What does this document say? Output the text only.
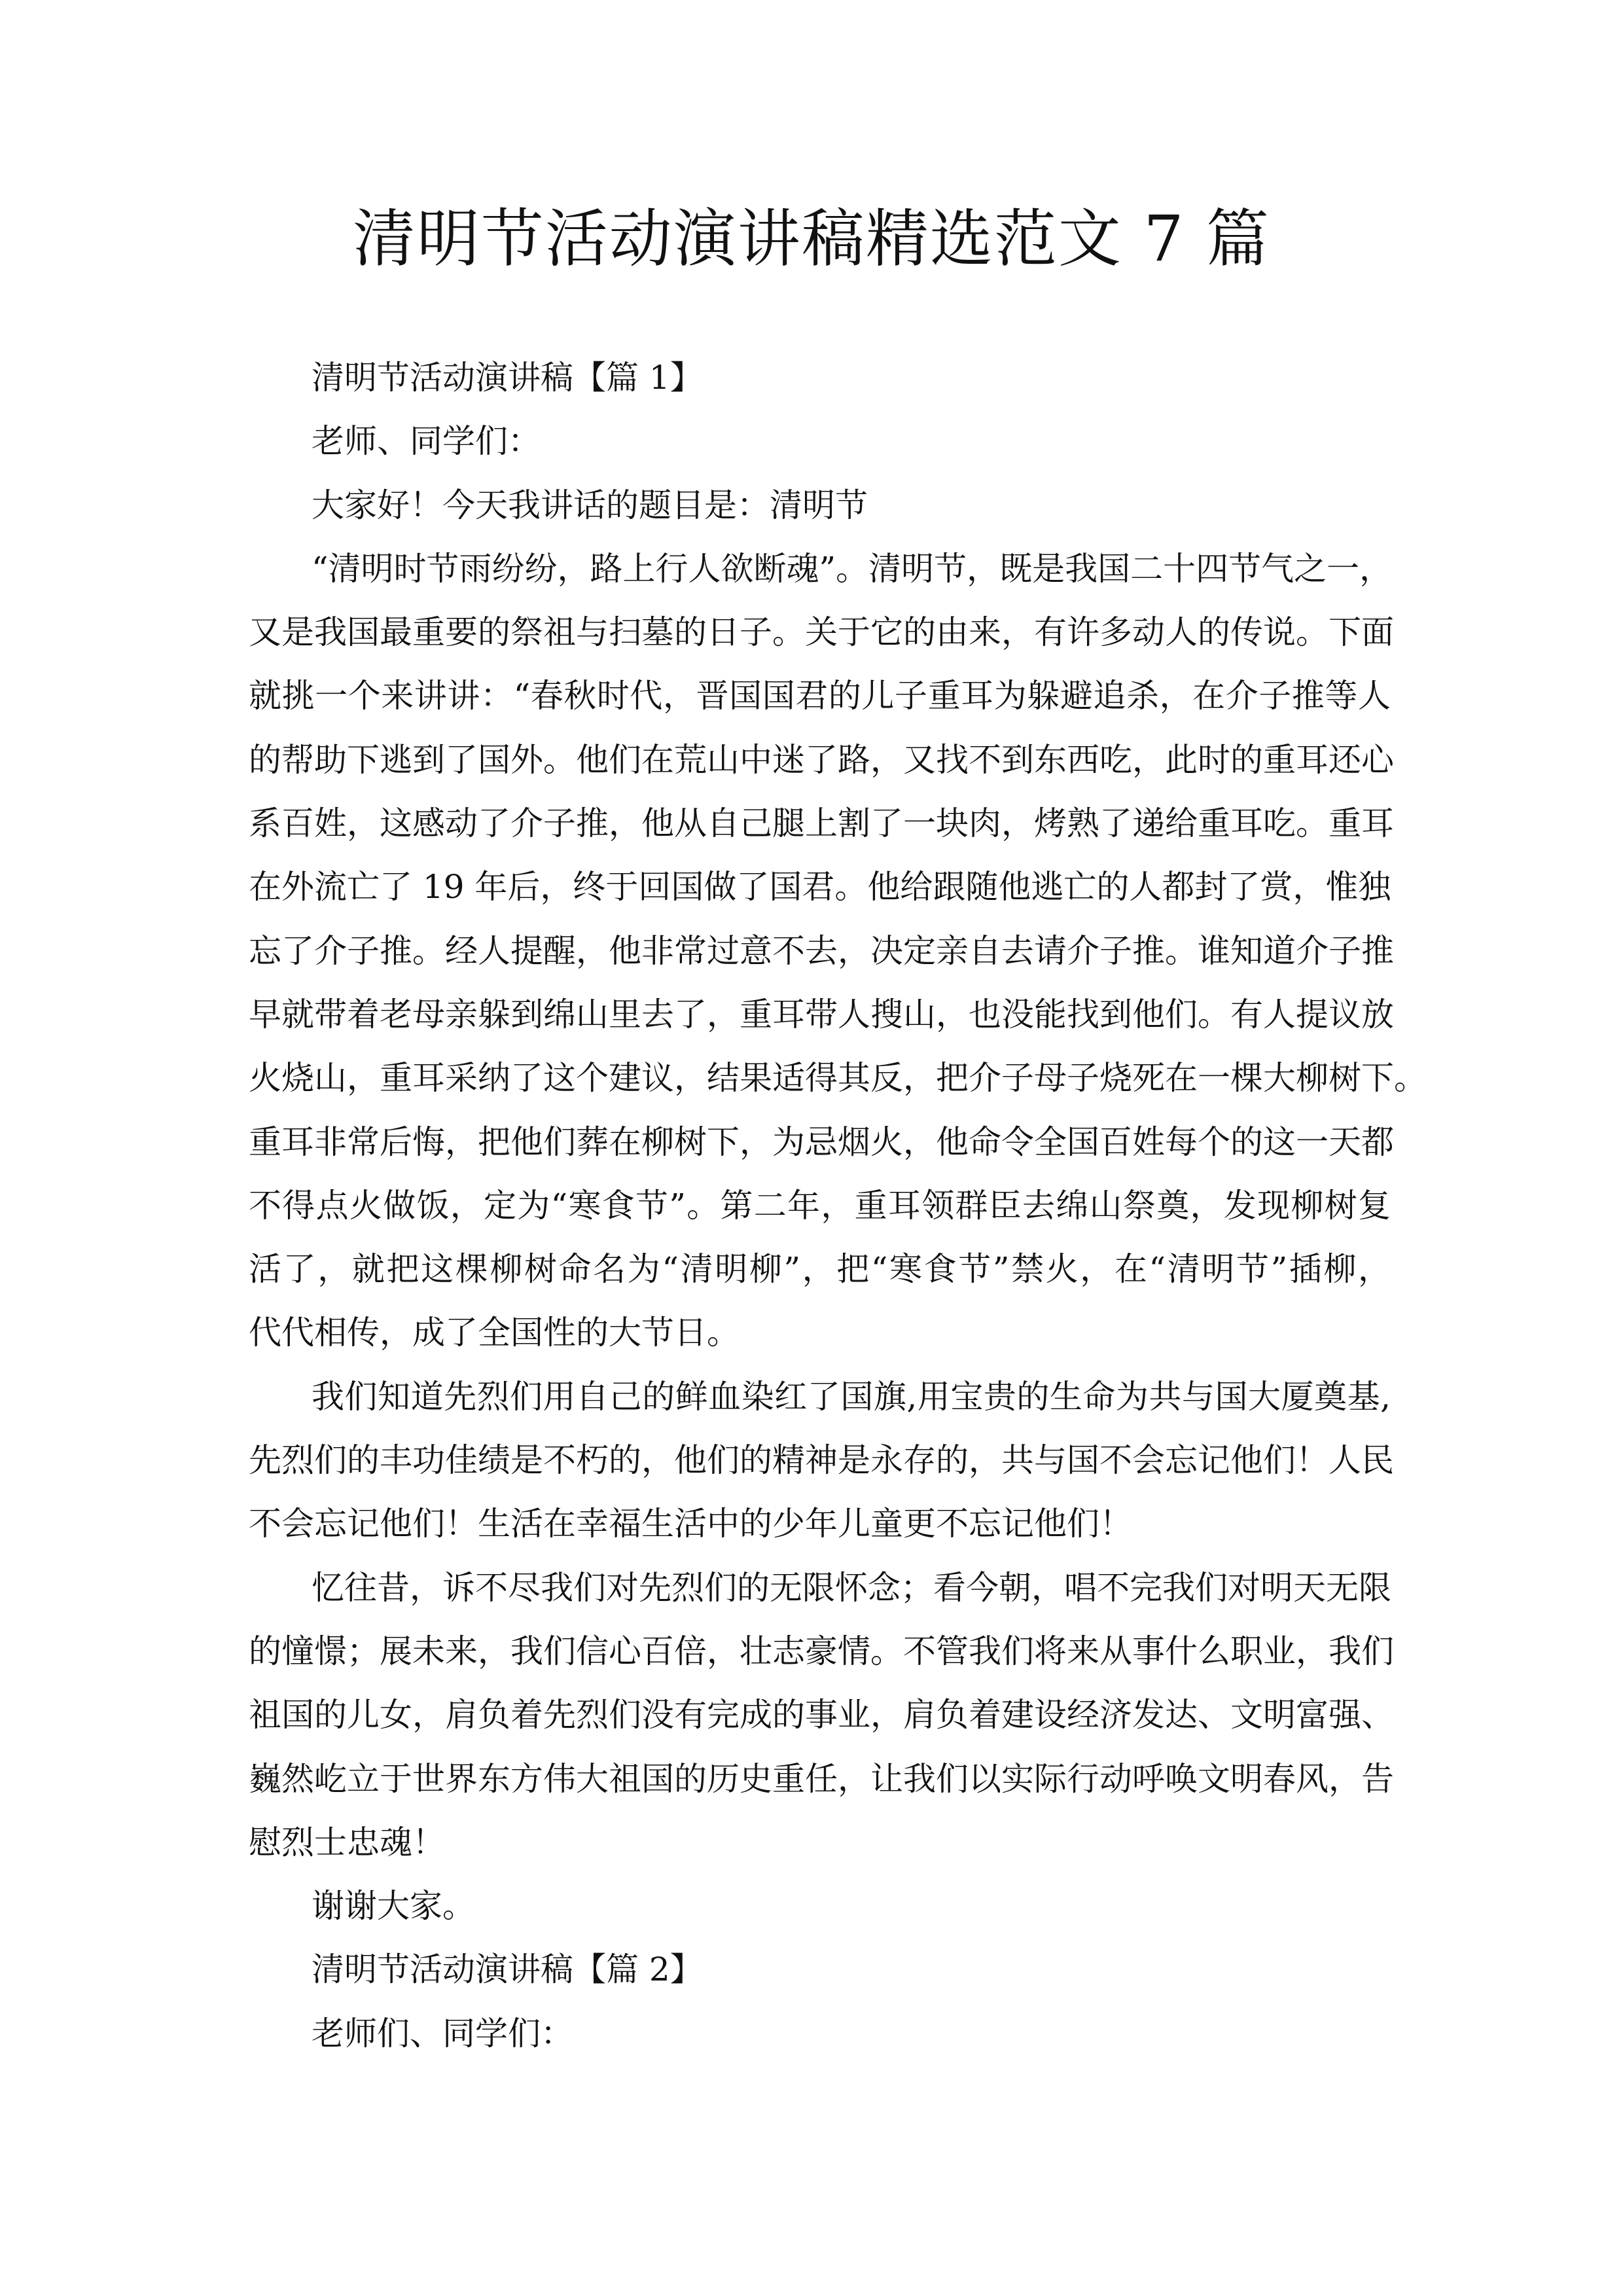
清明节活动演讲稿精选范文 7 篇
清明节活动演讲稿【篇 1】
老师、同学们：
大家好！今天我讲话的题目是：清明节
“清明时节雨纷纷，路上行人欲断魂”。清明节，既是我国二十四节气之一，
又是我国最重要的祭祖与扫墓的日子。关于它的由来，有许多动人的传说。下面
就挑一个来讲讲：“春秋时代，晋国国君的儿子重耳为躲避追杀，在介子推等人
的帮助下逃到了国外。他们在荒山中迷了路，又找不到东西吃，此时的重耳还心
系百姓，这感动了介子推，他从自己腿上割了一块肉，烤熟了递给重耳吃。重耳
在外流亡了 19 年后，终于回国做了国君。他给跟随他逃亡的人都封了赏，惟独
忘了介子推。经人提醒，他非常过意不去，决定亲自去请介子推。谁知道介子推
早就带着老母亲躲到绵山里去了，重耳带人搜山，也没能找到他们。有人提议放
火烧山，重耳采纳了这个建议，结果适得其反，把介子母子烧死在一棵大柳树下。
重耳非常后悔，把他们葬在柳树下，为忌烟火，他命令全国百姓每个的这一天都
不得点火做饭，定为“寒食节”。第二年，重耳领群臣去绵山祭奠，发现柳树复
活了，就把这棵柳树命名为“清明柳”，把“寒食节”禁火，在“清明节”插柳，
代代相传，成了全国性的大节日。
我们知道先烈们用自己的鲜血染红了国旗,用宝贵的生命为共与国大厦奠基,
先烈们的丰功佳绩是不朽的，他们的精神是永存的，共与国不会忘记他们！人民
不会忘记他们！生活在幸福生活中的少年儿童更不忘记他们！
忆往昔，诉不尽我们对先烈们的无限怀念；看今朝，唱不完我们对明天无限
的憧憬；展未来，我们信心百倍，壮志豪情。不管我们将来从事什么职业，我们
祖国的儿女，肩负着先烈们没有完成的事业，肩负着建设经济发达、文明富强、
巍然屹立于世界东方伟大祖国的历史重任，让我们以实际行动呼唤文明春风，告
慰烈士忠魂！
谢谢大家。
清明节活动演讲稿【篇 2】
老师们、同学们：
